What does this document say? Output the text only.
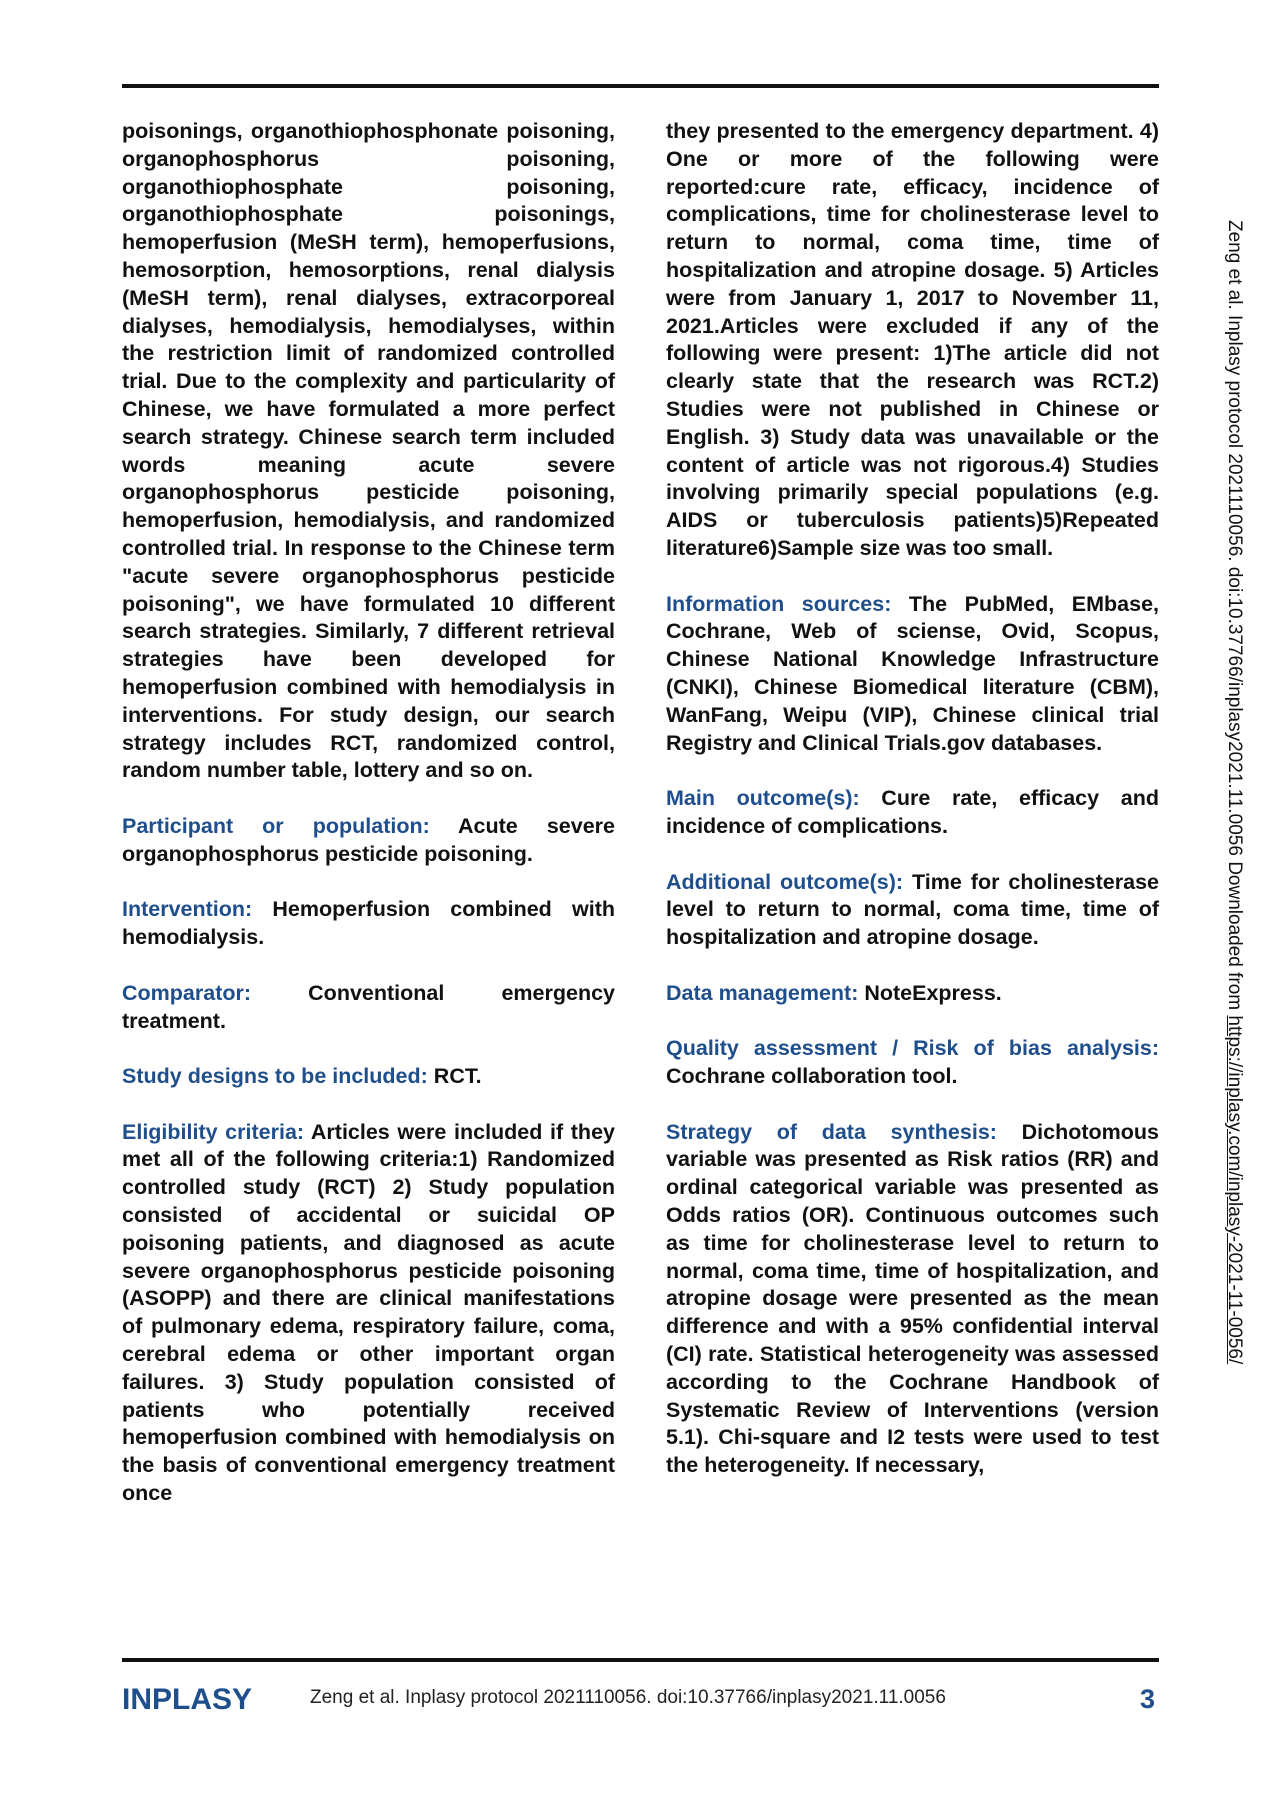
Zeng et al. Inplasy protocol 2021110056. doi:10.37766/inplasy2021.11.0056 Downloaded from https://inplasy.com/inplasy-2021-11-0056/

poisonings, organothiophosphonate poisoning, organophosphorus poisoning, organothiophosphate poisoning, organothiophosphate poisonings, hemoperfusion (MeSH term), hemoperfusions, hemosorption, hemosorptions, renal dialysis (MeSH term), renal dialyses, extracorporeal dialyses, hemodialysis, hemodialyses, within the restriction limit of randomized controlled trial. Due to the complexity and particularity of Chinese, we have formulated a more perfect search strategy. Chinese search term included words meaning acute severe organophosphorus pesticide poisoning, hemoperfusion, hemodialysis, and randomized controlled trial. In response to the Chinese term "acute severe organophosphorus pesticide poisoning", we have formulated 10 different search strategies. Similarly, 7 different retrieval strategies have been developed for hemoperfusion combined with hemodialysis in interventions. For study design, our search strategy includes RCT, randomized control, random number table, lottery and so on.

Participant or population: Acute severe organophosphorus pesticide poisoning.

Intervention: Hemoperfusion combined with hemodialysis.

Comparator: Conventional emergency treatment.

Study designs to be included: RCT.

Eligibility criteria: Articles were included if they met all of the following criteria:1) Randomized controlled study (RCT) 2) Study population consisted of accidental or suicidal OP poisoning patients, and diagnosed as acute severe organophosphorus pesticide poisoning (ASOPP) and there are clinical manifestations of pulmonary edema, respiratory failure, coma, cerebral edema or other important organ failures. 3) Study population consisted of patients who potentially received hemoperfusion combined with hemodialysis on the basis of conventional emergency treatment once

they presented to the emergency department. 4) One or more of the following were reported:cure rate, efficacy, incidence of complications, time for cholinesterase level to return to normal, coma time, time of hospitalization and atropine dosage. 5) Articles were from January 1, 2017 to November 11, 2021.Articles were excluded if any of the following were present: 1)The article did not clearly state that the research was RCT.2) Studies were not published in Chinese or English. 3) Study data was unavailable or the content of article was not rigorous.4) Studies involving primarily special populations (e.g. AIDS or tuberculosis patients)5)Repeated literature6)Sample size was too small.

Information sources: The PubMed, EMbase, Cochrane, Web of sciense, Ovid, Scopus, Chinese National Knowledge Infrastructure (CNKI), Chinese Biomedical literature (CBM), WanFang, Weipu (VIP), Chinese clinical trial Registry and Clinical Trials.gov databases.

Main outcome(s): Cure rate, efficacy and incidence of complications.

Additional outcome(s): Time for cholinesterase level to return to normal, coma time, time of hospitalization and atropine dosage.

Data management: NoteExpress.

Quality assessment / Risk of bias analysis: Cochrane collaboration tool.

Strategy of data synthesis: Dichotomous variable was presented as Risk ratios (RR) and ordinal categorical variable was presented as Odds ratios (OR). Continuous outcomes such as time for cholinesterase level to return to normal, coma time, time of hospitalization, and atropine dosage were presented as the mean difference and with a 95% confidential interval (CI) rate. Statistical heterogeneity was assessed according to the Cochrane Handbook of Systematic Review of Interventions (version 5.1). Chi-square and I2 tests were used to test the heterogeneity. If necessary,

INPLASY	Zeng et al. Inplasy protocol 2021110056. doi:10.37766/inplasy2021.11.0056	3
